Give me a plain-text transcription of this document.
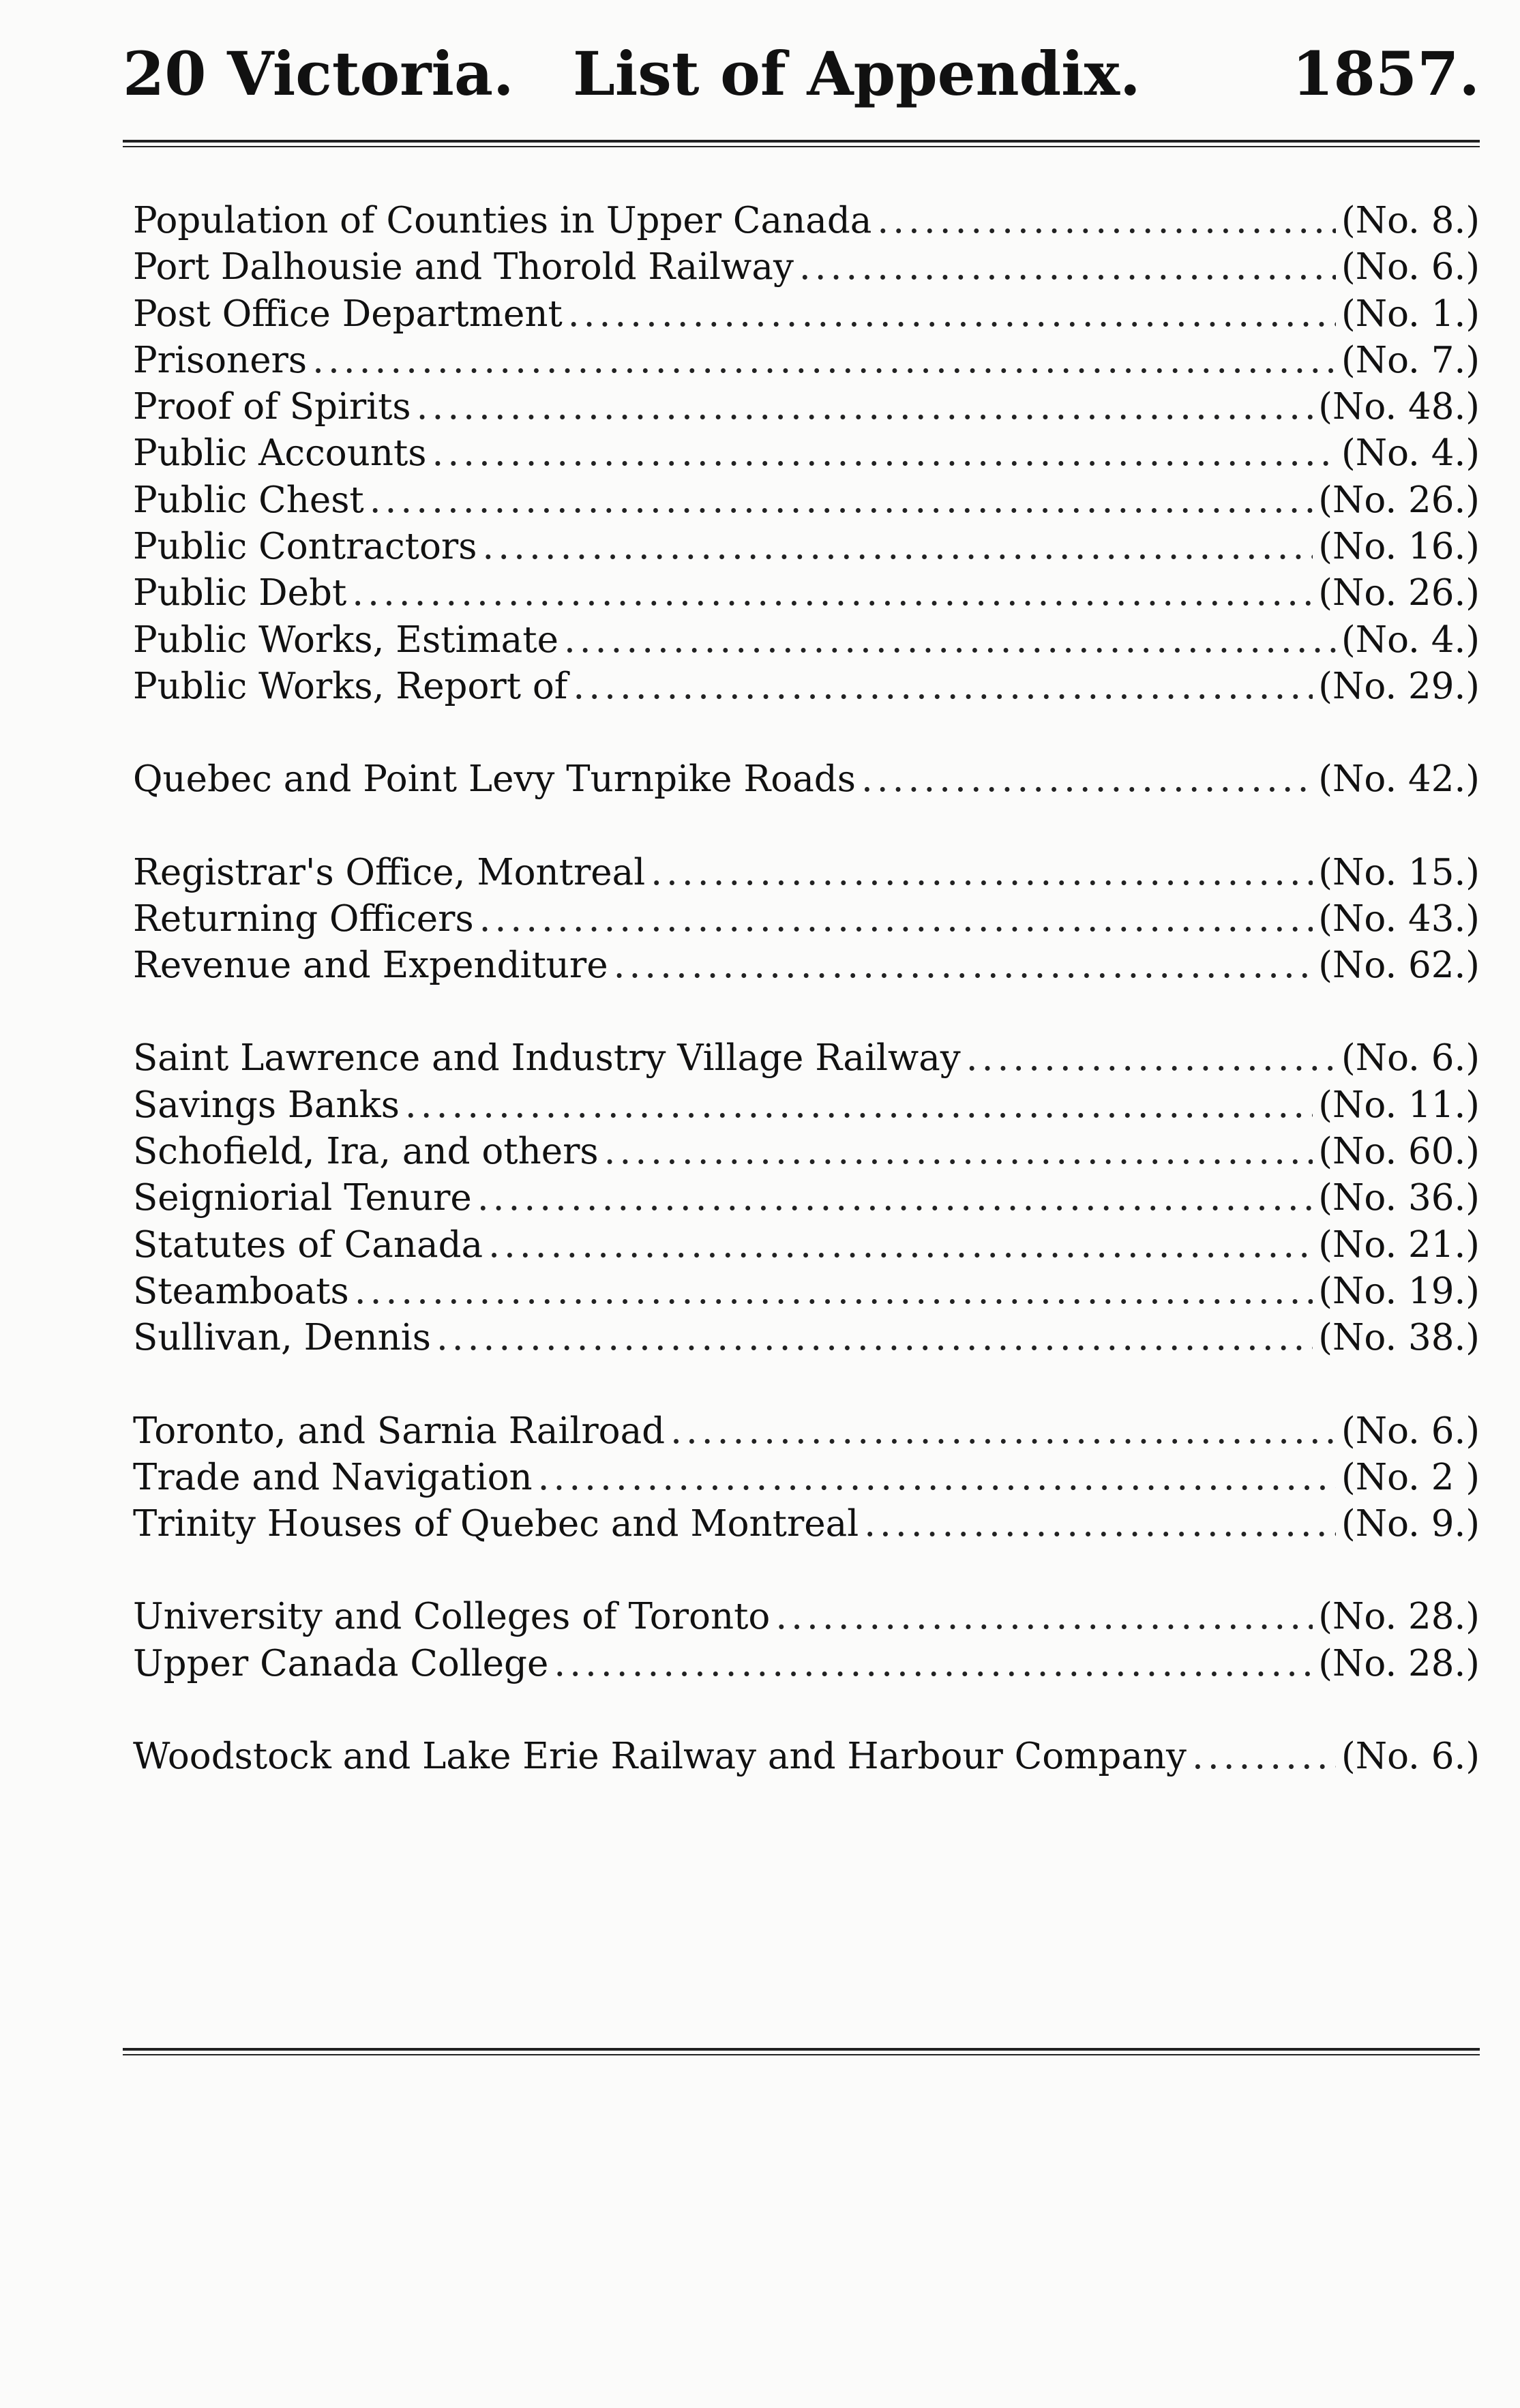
20 Victoria. List of Appendix.	1857.
Population of Counties in Upper Canada .....	(No. 8.)
Port Dalhousie and Thorold Railway .....	(No. 6.)
Post Office Department .....	(No. 1.)
Prisoners .....	(No. 7.)
Proof of Spirits .....	(No. 48.)
Public Accounts .....	(No. 4.)
Public Chest .....	(No. 26.)
Public Contractors .....	(No. 16.)
Public Debt .....	(No. 26.)
Public Works, Estimate .....	(No. 4.)
Public Works, Report of .....	(No. 29.)
Quebec and Point Levy Turnpike Roads .....	(No. 42.)
Registrar's Office, Montreal .....	(No. 15.)
Returning Officers .....	(No. 43.)
Revenue and Expenditure .....	(No. 62.)
Saint Lawrence and Industry Village Railway .....	(No. 6.)
Savings Banks .....	(No. 11.)
Schofield, Ira, and others .....	(No. 60.)
Seigniorial Tenure .....	(No. 36.)
Statutes of Canada .....	(No. 21.)
Steamboats .....	(No. 19.)
Sullivan, Dennis .....	(No. 38.)
Toronto, and Sarnia Railroad .....	(No. 6.)
Trade and Navigation .....	(No. 2 )
Trinity Houses of Quebec and Montreal .....	(No. 9.)
University and Colleges of Toronto .....	(No. 28.)
Upper Canada College .....	(No. 28.)
Woodstock and Lake Erie Railway and Harbour Company .....	(No. 6.)
